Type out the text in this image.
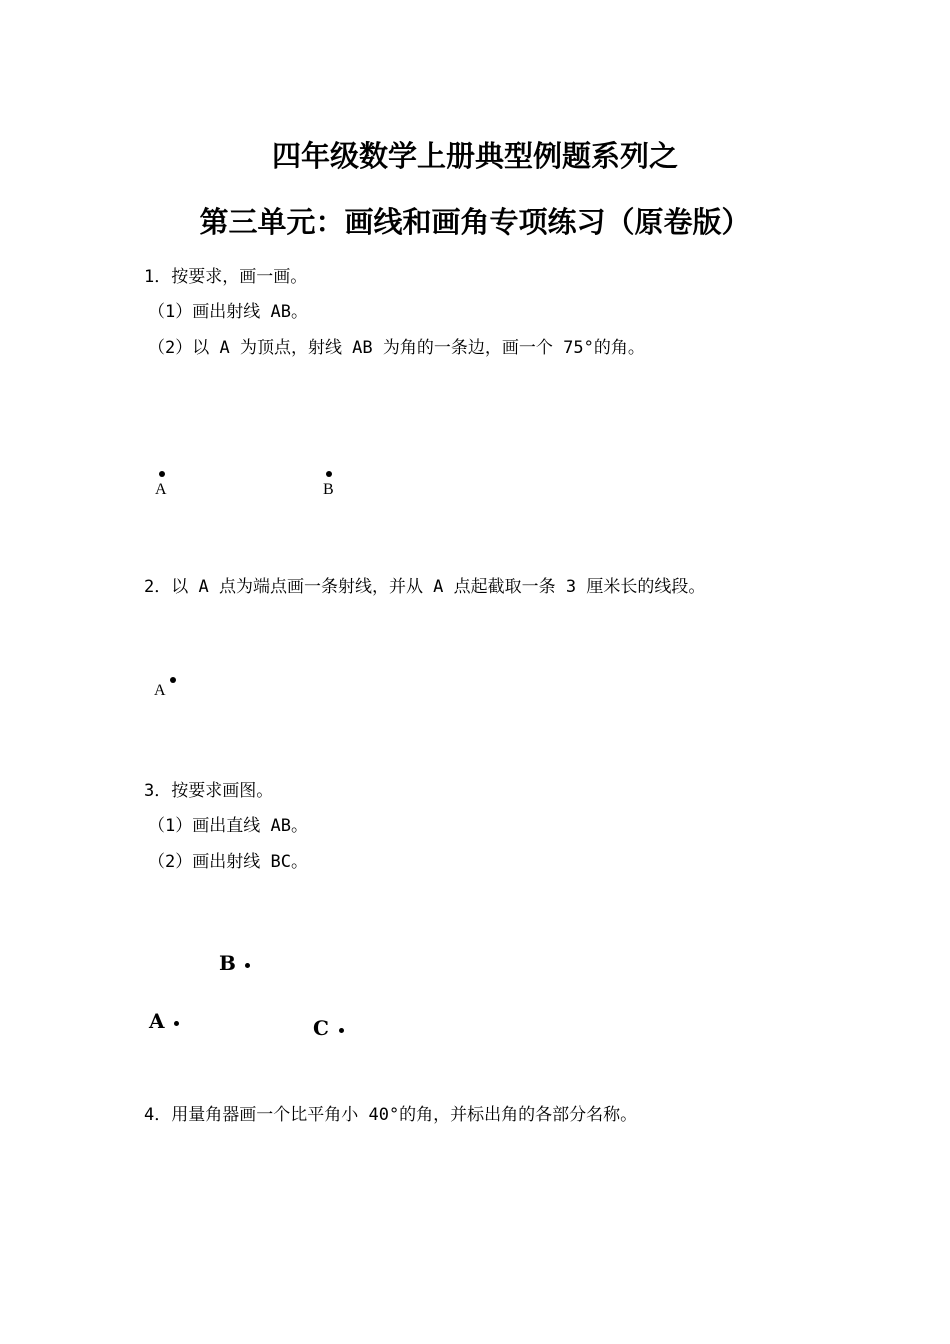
四年级数学上册典型例题系列之
第三单元：画线和画角专项练习（原卷版）
1．按要求，画一画。
（1）画出射线 AB。
（2）以 A 为顶点，射线 AB 为角的一条边，画一个 75°的角。
A	B
2．以 A 点为端点画一条射线，并从 A 点起截取一条 3 厘米长的线段。
A
3．按要求画图。
（1）画出直线 AB。
（2）画出射线 BC。
B
A	C
4．用量角器画一个比平角小 40°的角，并标出角的各部分名称。
